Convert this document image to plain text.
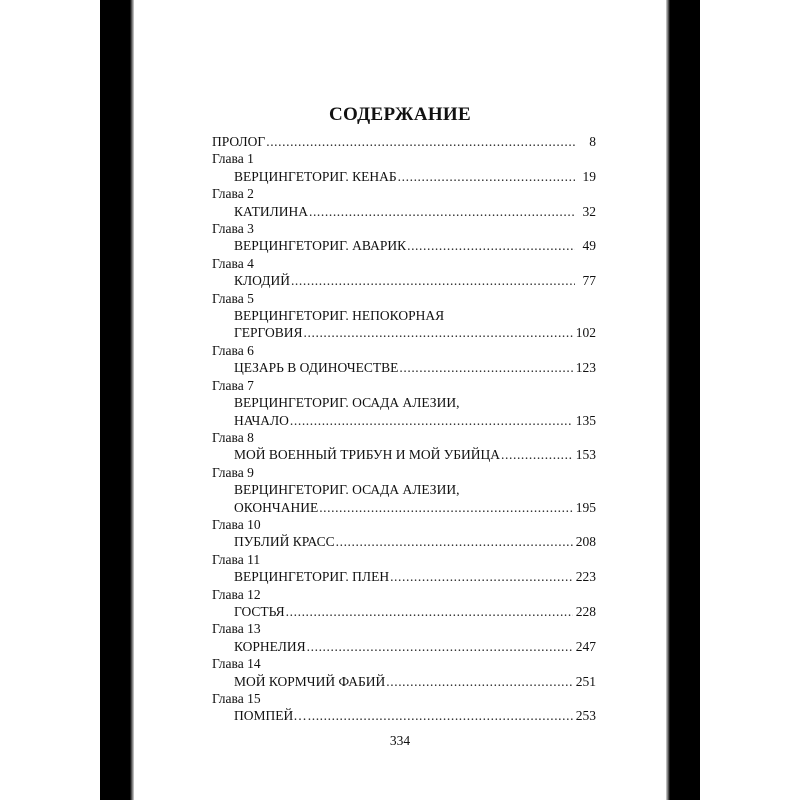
СОДЕРЖАНИЕ
ПРОЛОГ .....	8
Глава 1
ВЕРЦИНГЕТОРИГ. КЕНАБ .....	19
Глава 2
КАТИЛИНА .....	32
Глава 3
ВЕРЦИНГЕТОРИГ. АВАРИК .....	49
Глава 4
КЛОДИЙ .....	77
Глава 5
ВЕРЦИНГЕТОРИГ. НЕПОКОРНАЯ
ГЕРГОВИЯ .....	102
Глава 6
ЦЕЗАРЬ В ОДИНОЧЕСТВЕ .....	123
Глава 7
ВЕРЦИНГЕТОРИГ. ОСАДА АЛЕЗИИ,
НАЧАЛО .....	135
Глава 8
МОЙ ВОЕННЫЙ ТРИБУН И МОЙ УБИЙЦА .....	153
Глава 9
ВЕРЦИНГЕТОРИГ. ОСАДА АЛЕЗИИ,
ОКОНЧАНИЕ .....	195
Глава 10
ПУБЛИЙ КРАСС .....	208
Глава 11
ВЕРЦИНГЕТОРИГ. ПЛЕН .....	223
Глава 12
ГОСТЬЯ .....	228
Глава 13
КОРНЕЛИЯ .....	247
Глава 14
МОЙ КОРМЧИЙ ФАБИЙ .....	251
Глава 15
ПОМПЕЙ… .....	253
334
